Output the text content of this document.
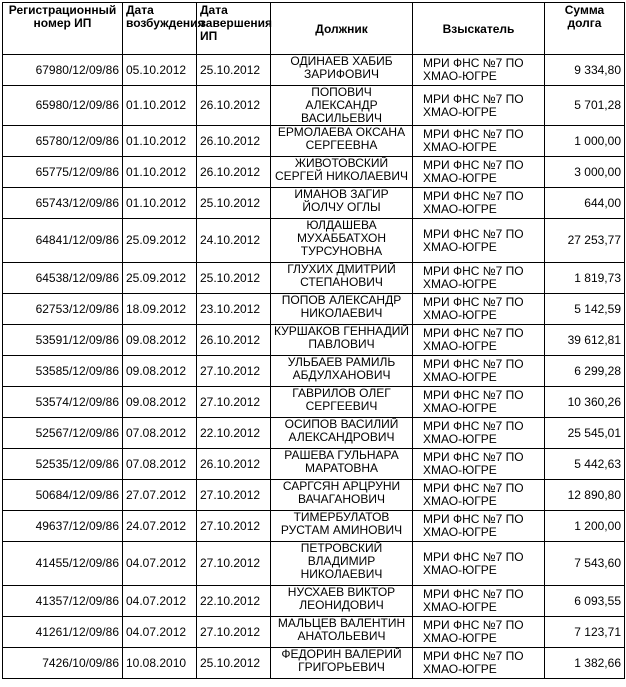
Регистрационный номер ИП	Дата возбуждения	Дата завершения ИП	Должник	Взыскатель	Сумма долга
67980/12/09/86	05.10.2012	25.10.2012	ОДИНАЕВ ХАБИБ ЗАРИФОВИЧ	МРИ ФНС №7 ПО ХМАО-ЮГРЕ	9 334,80
65980/12/09/86	01.10.2012	26.10.2012	ПОПОВИЧ АЛЕКСАНДР ВАСИЛЬЕВИЧ	МРИ ФНС №7 ПО ХМАО-ЮГРЕ	5 701,28
65780/12/09/86	01.10.2012	26.10.2012	ЕРМОЛАЕВА ОКСАНА СЕРГЕЕВНА	МРИ ФНС №7 ПО ХМАО-ЮГРЕ	1 000,00
65775/12/09/86	01.10.2012	26.10.2012	ЖИВОТОВСКИЙ СЕРГЕЙ НИКОЛАЕВИЧ	МРИ ФНС №7 ПО ХМАО-ЮГРЕ	3 000,00
65743/12/09/86	01.10.2012	25.10.2012	ИМАНОВ ЗАГИР ЙОЛЧУ ОГЛЫ	МРИ ФНС №7 ПО ХМАО-ЮГРЕ	644,00
64841/12/09/86	25.09.2012	24.10.2012	ЮЛДАШЕВА МУХАББАТХОН ТУРСУНОВНА	МРИ ФНС №7 ПО ХМАО-ЮГРЕ	27 253,77
64538/12/09/86	25.09.2012	25.10.2012	ГЛУХИХ ДМИТРИЙ СТЕПАНОВИЧ	МРИ ФНС №7 ПО ХМАО-ЮГРЕ	1 819,73
62753/12/09/86	18.09.2012	23.10.2012	ПОПОВ АЛЕКСАНДР НИКОЛАЕВИЧ	МРИ ФНС №7 ПО ХМАО-ЮГРЕ	5 142,59
53591/12/09/86	09.08.2012	26.10.2012	КУРШАКОВ ГЕННАДИЙ ПАВЛОВИЧ	МРИ ФНС №7 ПО ХМАО-ЮГРЕ	39 612,81
53585/12/09/86	09.08.2012	27.10.2012	УЛЬБАЕВ РАМИЛЬ АБДУЛХАНОВИЧ	МРИ ФНС №7 ПО ХМАО-ЮГРЕ	6 299,28
53574/12/09/86	09.08.2012	27.10.2012	ГАВРИЛОВ ОЛЕГ СЕРГЕЕВИЧ	МРИ ФНС №7 ПО ХМАО-ЮГРЕ	10 360,26
52567/12/09/86	07.08.2012	22.10.2012	ОСИПОВ ВАСИЛИЙ АЛЕКСАНДРОВИЧ	МРИ ФНС №7 ПО ХМАО-ЮГРЕ	25 545,01
52535/12/09/86	07.08.2012	26.10.2012	РАШЕВА ГУЛЬНАРА МАРАТОВНА	МРИ ФНС №7 ПО ХМАО-ЮГРЕ	5 442,63
50684/12/09/86	27.07.2012	27.10.2012	САРГСЯН АРЦРУНИ ВАЧАГАНОВИЧ	МРИ ФНС №7 ПО ХМАО-ЮГРЕ	12 890,80
49637/12/09/86	24.07.2012	27.10.2012	ТИМЕРБУЛАТОВ РУСТАМ АМИНОВИЧ	МРИ ФНС №7 ПО ХМАО-ЮГРЕ	1 200,00
41455/12/09/86	04.07.2012	27.10.2012	ПЕТРОВСКИЙ ВЛАДИМИР НИКОЛАЕВИЧ	МРИ ФНС №7 ПО ХМАО-ЮГРЕ	7 543,60
41357/12/09/86	04.07.2012	22.10.2012	НУСХАЕВ ВИКТОР ЛЕОНИДОВИЧ	МРИ ФНС №7 ПО ХМАО-ЮГРЕ	6 093,55
41261/12/09/86	04.07.2012	27.10.2012	МАЛЬЦЕВ ВАЛЕНТИН АНАТОЛЬЕВИЧ	МРИ ФНС №7 ПО ХМАО-ЮГРЕ	7 123,71
7426/10/09/86	10.08.2010	25.10.2012	ФЕДОРИН ВАЛЕРИЙ ГРИГОРЬЕВИЧ	МРИ ФНС №7 ПО ХМАО-ЮГРЕ	1 382,66
